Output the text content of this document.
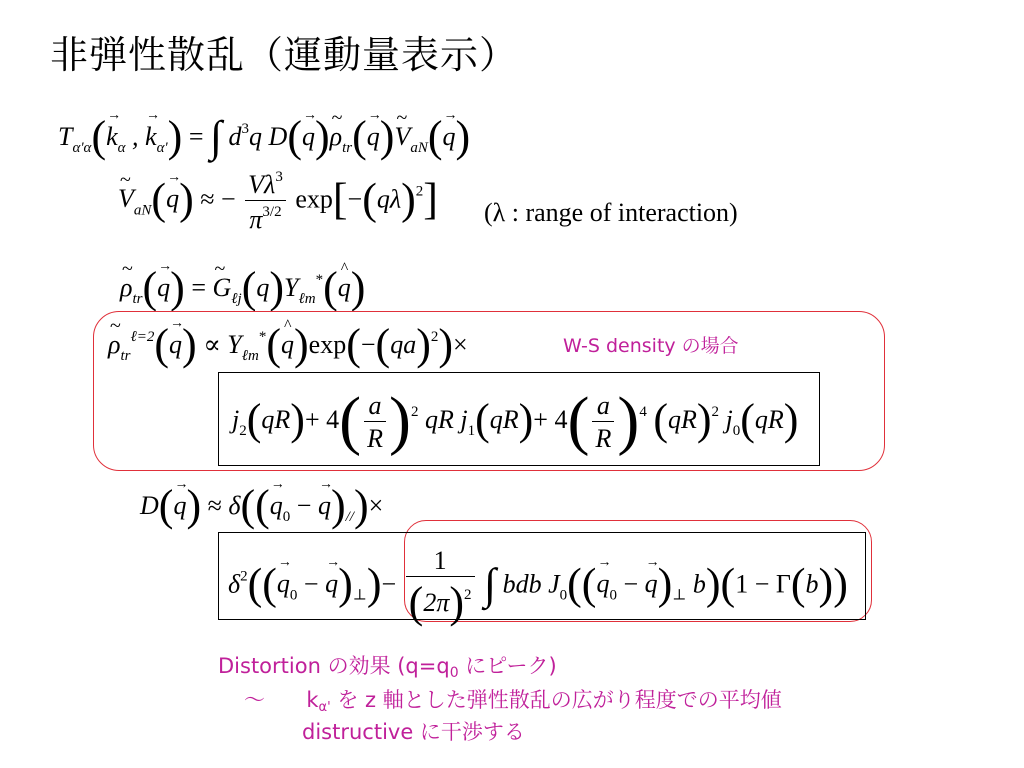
非弾性散乱（運動量表示）
$T_{\alpha'\alpha}(\to k_\alpha$ , → $k_{\alpha'}$) = ∫ $d^3q$ D(→ q)~ $\rho_{tr}(\to$ q)~ $V_{aN}(\to q)$
~ $V_{aN}(\to q)$ ≈ − $\frac{V\lambda^3}{\pi^{3/2}} \exp[-(q\lambda)^2]$ (λ : range of interaction)
~ $\rho_{tr}(\to q)$ = ~ $G_{\ell j}(q)Y_{\ell m}^*(\^{}$ q)
W-S density の場合
~ $\rho_{tr}^{\ell=2}(\to q)$ ∝ $Y_{\ell m}^*(\^{}$ q)exp(−(qa)$^2$)×
$j_2(qR)+ 4( \frac{a}{R} )^2$ qR $j_1(qR)+ 4( \frac{a}{R} )^4$ (qR)$^2$ $j_0(qR)$
$D(\to q) \approx \delta((\to q_0$ − → $q)_{//})\times$
$\delta^2((\to q_0$ − → $q)_\perp)- \frac{1}{(2\pi)^2}$ ∫ bdb $J_0((\to q_0$ − → $q)_\perp$ b)(1 − Γ(b))
Distortion の効果 (q=q0 にピーク)
～ kα' を z 軸とした弾性散乱の広がり程度での平均値
distructive に干渉する
